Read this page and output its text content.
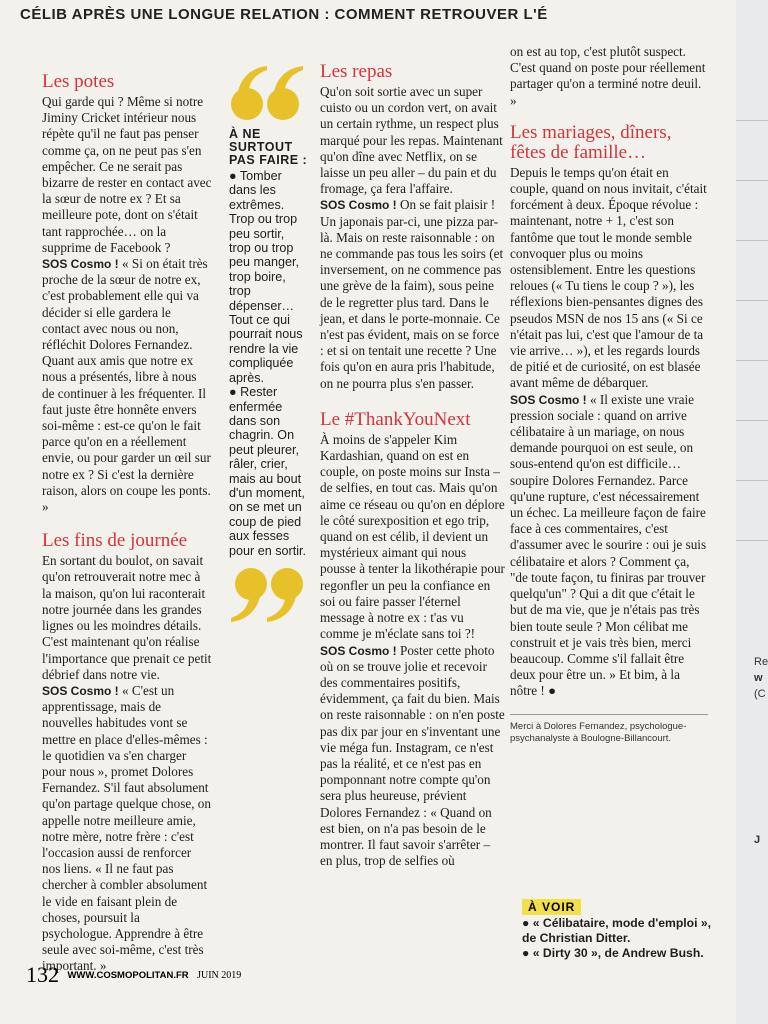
CÉLIB APRÈS UNE LONGUE RELATION : COMMENT RETROUVER L'É
Les potes

Qui garde qui ? Même si notre Jiminy Cricket intérieur nous répète qu'il ne faut pas penser comme ça, on ne peut pas s'en empêcher. Ce ne serait pas bizarre de rester en contact avec la sœur de notre ex ? Et sa meilleure pote, dont on s'était tant rapprochée… on la supprime de Facebook ?

SOS Cosmo ! « Si on était très proche de la sœur de notre ex, c'est probablement elle qui va décider si elle gardera le contact avec nous ou non, réfléchit Dolores Fernandez. Quant aux amis que notre ex nous a présentés, libre à nous de continuer à les fréquenter. Il faut juste être honnête envers soi-même : est-ce qu'on le fait parce qu'on en a réellement envie, ou pour garder un œil sur notre ex ? Si c'est la dernière raison, alors on coupe les ponts. »

Les fins de journée

En sortant du boulot, on savait qu'on retrouverait notre mec à la maison, qu'on lui raconterait notre journée dans les grandes lignes ou les moindres détails. C'est maintenant qu'on réalise l'importance que prenait ce petit débrief dans notre vie.

SOS Cosmo ! « C'est un apprentissage, mais de nouvelles habitudes vont se mettre en place d'elles-mêmes : le quotidien va s'en charger pour nous », promet Dolores Fernandez. S'il faut absolument qu'on partage quelque chose, on appelle notre meilleure amie, notre mère, notre frère : c'est l'occasion aussi de renforcer nos liens. « Il ne faut pas chercher à combler absolument le vide en faisant plein de choses, poursuit la psychologue. Apprendre à être seule avec soi-même, c'est très important. »

À NE SURTOUT PAS FAIRE :

● Tomber dans les extrêmes. Trop ou trop peu sortir, trop ou trop peu manger, trop boire, trop dépenser… Tout ce qui pourrait nous rendre la vie compliquée après.

● Rester enfermée dans son chagrin. On peut pleurer, râler, crier, mais au bout d'un moment, on se met un coup de pied aux fesses pour en sortir.

Les repas

Qu'on soit sortie avec un super cuisto ou un cordon vert, on avait un certain rythme, un respect plus marqué pour les repas. Maintenant qu'on dîne avec Netflix, on se laisse un peu aller – du pain et du fromage, ça fera l'affaire.

SOS Cosmo ! On se fait plaisir ! Un japonais par-ci, une pizza par-là. Mais on reste raisonnable : on ne commande pas tous les soirs (et inversement, on ne commence pas une grève de la faim), sous peine de le regretter plus tard. Dans le jean, et dans le porte-monnaie. Ce n'est pas évident, mais on se force : et si on tentait une recette ? Une fois qu'on en aura pris l'habitude, on ne pourra plus s'en passer.

Le #ThankYouNext

À moins de s'appeler Kim Kardashian, quand on est en couple, on poste moins sur Insta – de selfies, en tout cas. Mais qu'on aime ce réseau ou qu'on en déplore le côté surexposition et ego trip, quand on est célib, il devient un mystérieux aimant qui nous pousse à tenter la likothérapie pour regonfler un peu la confiance en soi ou faire passer l'éternel message à notre ex : t'as vu comme je m'éclate sans toi ?!

SOS Cosmo ! Poster cette photo où on se trouve jolie et recevoir des commentaires positifs, évidemment, ça fait du bien. Mais on reste raisonnable : on n'en poste pas dix par jour en s'inventant une vie méga fun. Instagram, ce n'est pas la réalité, et ce n'est pas en pomponnant notre compte qu'on sera plus heureuse, prévient Dolores Fernandez : « Quand on est bien, on n'a pas besoin de le montrer. Il faut savoir s'arrêter – en plus, trop de selfies où

on est au top, c'est plutôt suspect. C'est quand on poste pour réellement partager qu'on a terminé notre deuil. »

Les mariages, dîners, fêtes de famille…

Depuis le temps qu'on était en couple, quand on nous invitait, c'était forcément à deux. Époque révolue : maintenant, notre + 1, c'est son fantôme que tout le monde semble convoquer plus ou moins ostensiblement. Entre les questions reloues (« Tu tiens le coup ? »), les réflexions bien-pensantes dignes des pseudos MSN de nos 15 ans (« Si ce n'était pas lui, c'est que l'amour de ta vie arrive… »), et les regards lourds de pitié et de curiosité, on est blasée avant même de débarquer.

SOS Cosmo ! « Il existe une vraie pression sociale : quand on arrive célibataire à un mariage, on nous demande pourquoi on est seule, on sous-entend qu'on est difficile… soupire Dolores Fernandez. Parce qu'une rupture, c'est nécessairement un échec. La meilleure façon de faire face à ces commentaires, c'est d'assumer avec le sourire : oui je suis célibataire et alors ? Comment ça, "de toute façon, tu finiras par trouver quelqu'un" ? Qui a dit que c'était le but de ma vie, que je n'étais pas très bien toute seule ? Mon célibat me construit et je vais très bien, merci beaucoup. Comme s'il fallait être deux pour être un. » Et bim, à la nôtre ! ●

Merci à Dolores Fernandez, psychologue-psychanalyste à Boulogne-Billancourt.
À VOIR
● « Célibataire, mode d'emploi », de Christian Ditter.
● « Dirty 30 », de Andrew Bush.
132 WWW.COSMOPOLITAN.FR JUIN 2019
Re
w
(C
J
